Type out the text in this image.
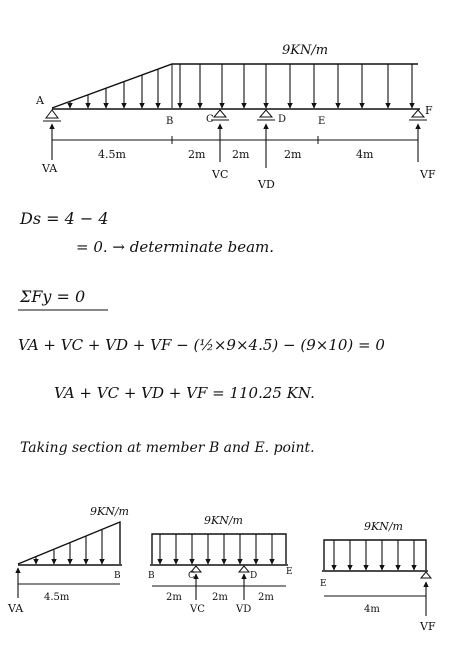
9KN/m
A
B	C	D	E
F
4.5m	2m 2m	2m	4m
VA	VC
VD
VF
Ds = 4 − 4
= 0. → determinate beam.
ΣFy = 0
VA + VC + VD + VF − (½×9×4.5) − (9×10) = 0
VA + VC + VD + VF = 110.25 KN.
Taking section at member B and E. point.
9KN/m
B
4.5m
VA
9KN/m
B	C	D	E
2m	2m	2m
VC	VD
9KN/m
E
4m
VF
